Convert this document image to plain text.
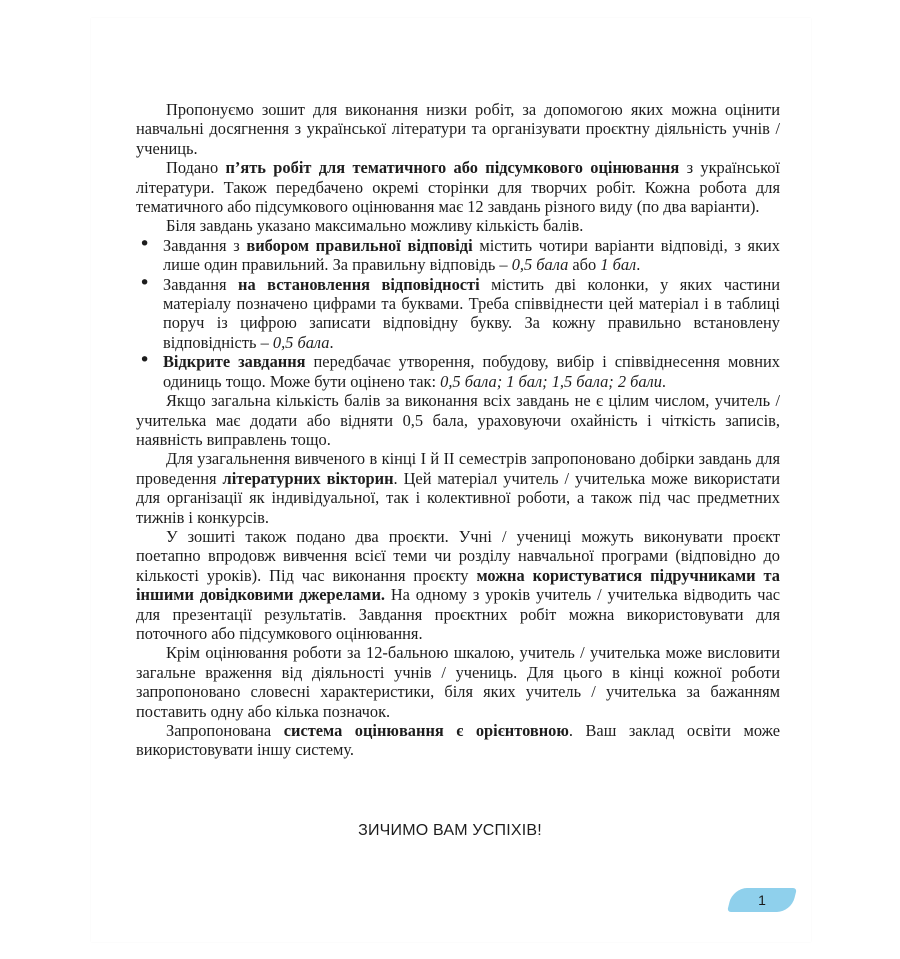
Пропонуємо зошит для виконання низки робіт, за допомогою яких можна оцінити навчальні досягнення з української літератури та організувати проєктну діяльність учнів / учениць.

Подано п’ять робіт для тематичного або підсумкового оцінювання з української літератури. Також передбачено окремі сторінки для творчих робіт. Кожна робота для тематичного або підсумкового оцінювання має 12 завдань різного виду (по два варіанти).

Біля завдань указано максимально можливу кількість балів.

• Завдання з вибором правильної відповіді містить чотири варіанти відповіді, з яких лише один правильний. За правильну відповідь – 0,5 бала або 1 бал.
• Завдання на встановлення відповідності містить дві колонки, у яких частини матеріалу позначено цифрами та буквами. Треба співвіднести цей матеріал і в таблиці поруч із цифрою записати відповідну букву. За кожну правильно встановлену відповідність – 0,5 бала.
• Відкрите завдання передбачає утворення, побудову, вибір і співвіднесення мовних одиниць тощо. Може бути оцінено так: 0,5 бала; 1 бал; 1,5 бала; 2 бали.

Якщо загальна кількість балів за виконання всіх завдань не є цілим числом, учитель / учителька має додати або відняти 0,5 бала, ураховуючи охайність і чіткість записів, наявність виправлень тощо.

Для узагальнення вивченого в кінці І й ІІ семестрів запропоновано добірки завдань для проведення літературних вікторин. Цей матеріал учитель / учителька може використати для організації як індивідуальної, так і колективної роботи, а також під час предметних тижнів і конкурсів.

У зошиті також подано два проєкти. Учні / учениці можуть виконувати проєкт поетапно впродовж вивчення всієї теми чи розділу навчальної програми (відповідно до кількості уроків). Під час виконання проєкту можна користуватися підручниками та іншими довідковими джерелами. На одному з уроків учитель / учителька відводить час для презентації результатів. Завдання проєктних робіт можна використовувати для поточного або підсумкового оцінювання.

Крім оцінювання роботи за 12-бальною шкалою, учитель / учителька може висловити загальне враження від діяльності учнів / учениць. Для цього в кінці кожної роботи запропоновано словесні характеристики, біля яких учитель / учителька за бажанням поставить одну або кілька позначок.

Запропонована система оцінювання є орієнтовною. Ваш заклад освіти може використовувати іншу систему.

ЗИЧИМО ВАМ УСПІХІВ!
1
